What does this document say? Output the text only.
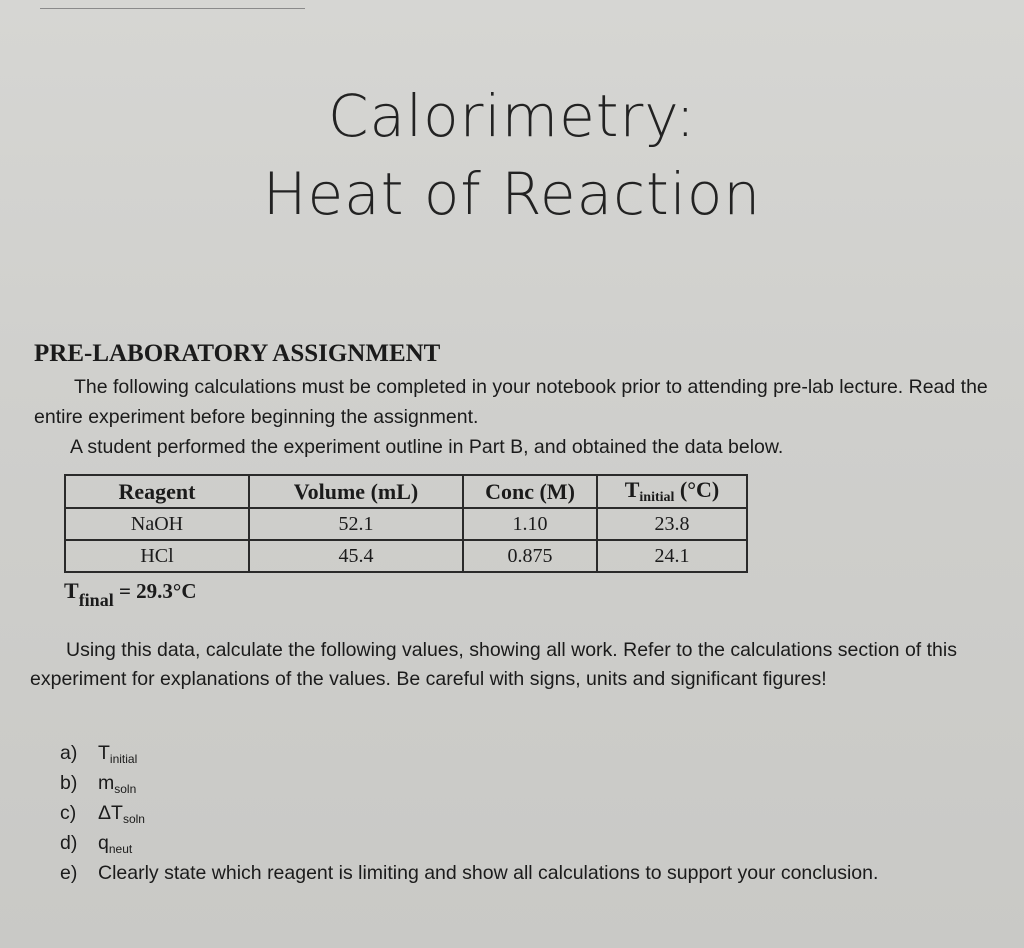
Calorimetry:
Heat of Reaction
PRE-LABORATORY ASSIGNMENT
The following calculations must be completed in your notebook prior to attending pre-lab lecture. Read the entire experiment before beginning the assignment.
A student performed the experiment outline in Part B, and obtained the data below.
Reagent	Volume (mL)	Conc (M)	$T_{initial}$ (°C)
NaOH	52.1	1.10	23.8
HCl	45.4	0.875	24.1
Tfinal = 29.3°C
Using this data, calculate the following values, showing all work. Refer to the calculations section of this experiment for explanations of the values. Be careful with signs, units and significant figures!
a) $T_{initial}$
b) $m_{soln}$
c) $\Delta T_{soln}$
d) $q_{neut}$
e) Clearly state which reagent is limiting and show all calculations to support your conclusion.
